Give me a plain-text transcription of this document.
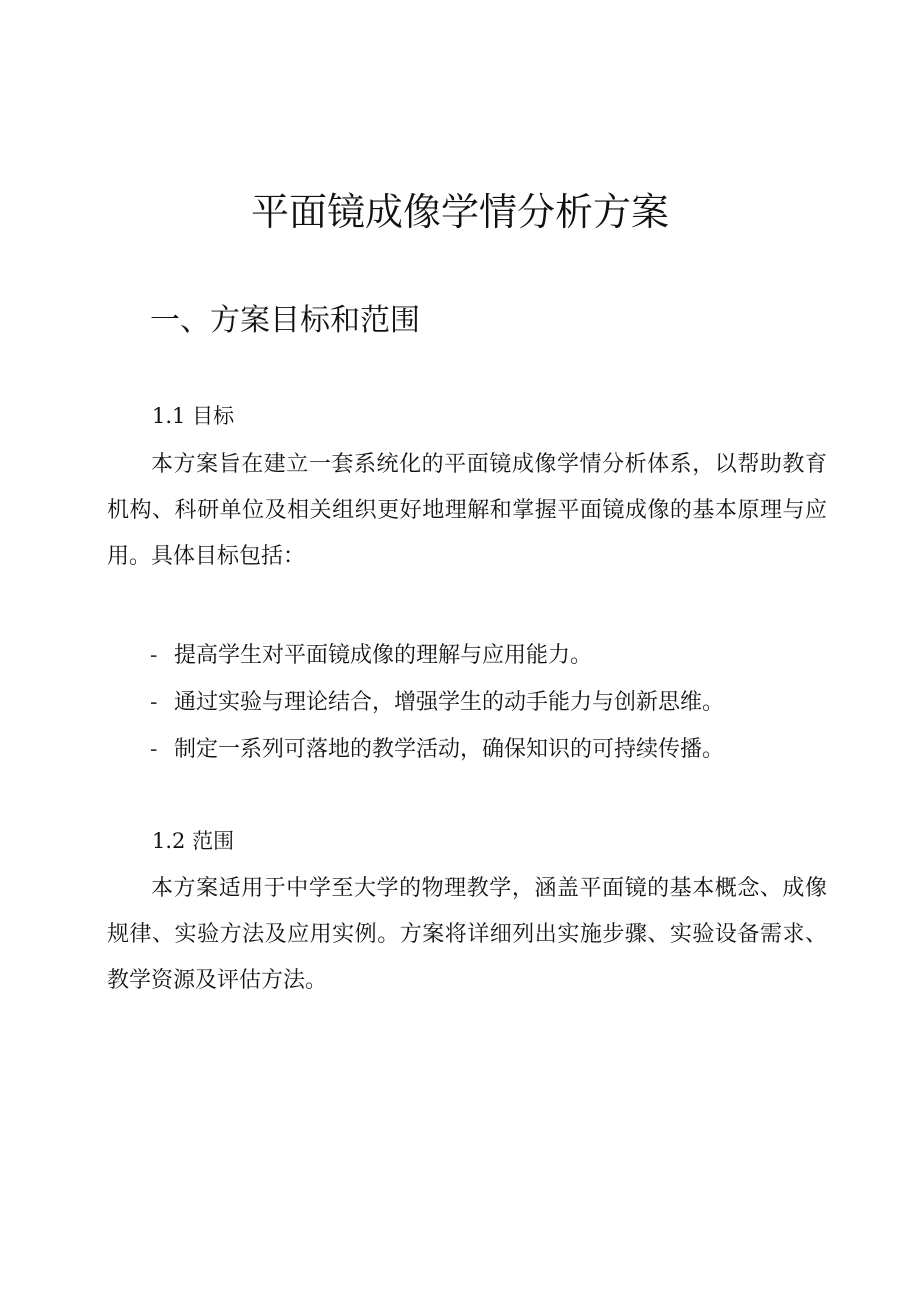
平面镜成像学情分析方案
一、方案目标和范围
1.1 目标

本方案旨在建立一套系统化的平面镜成像学情分析体系，以帮助教育机构、科研单位及相关组织更好地理解和掌握平面镜成像的基本原理与应用。具体目标包括：

- 提高学生对平面镜成像的理解与应用能力。
- 通过实验与理论结合，增强学生的动手能力与创新思维。
- 制定一系列可落地的教学活动，确保知识的可持续传播。
1.2 范围

本方案适用于中学至大学的物理教学，涵盖平面镜的基本概念、成像规律、实验方法及应用实例。方案将详细列出实施步骤、实验设备需求、教学资源及评估方法。
